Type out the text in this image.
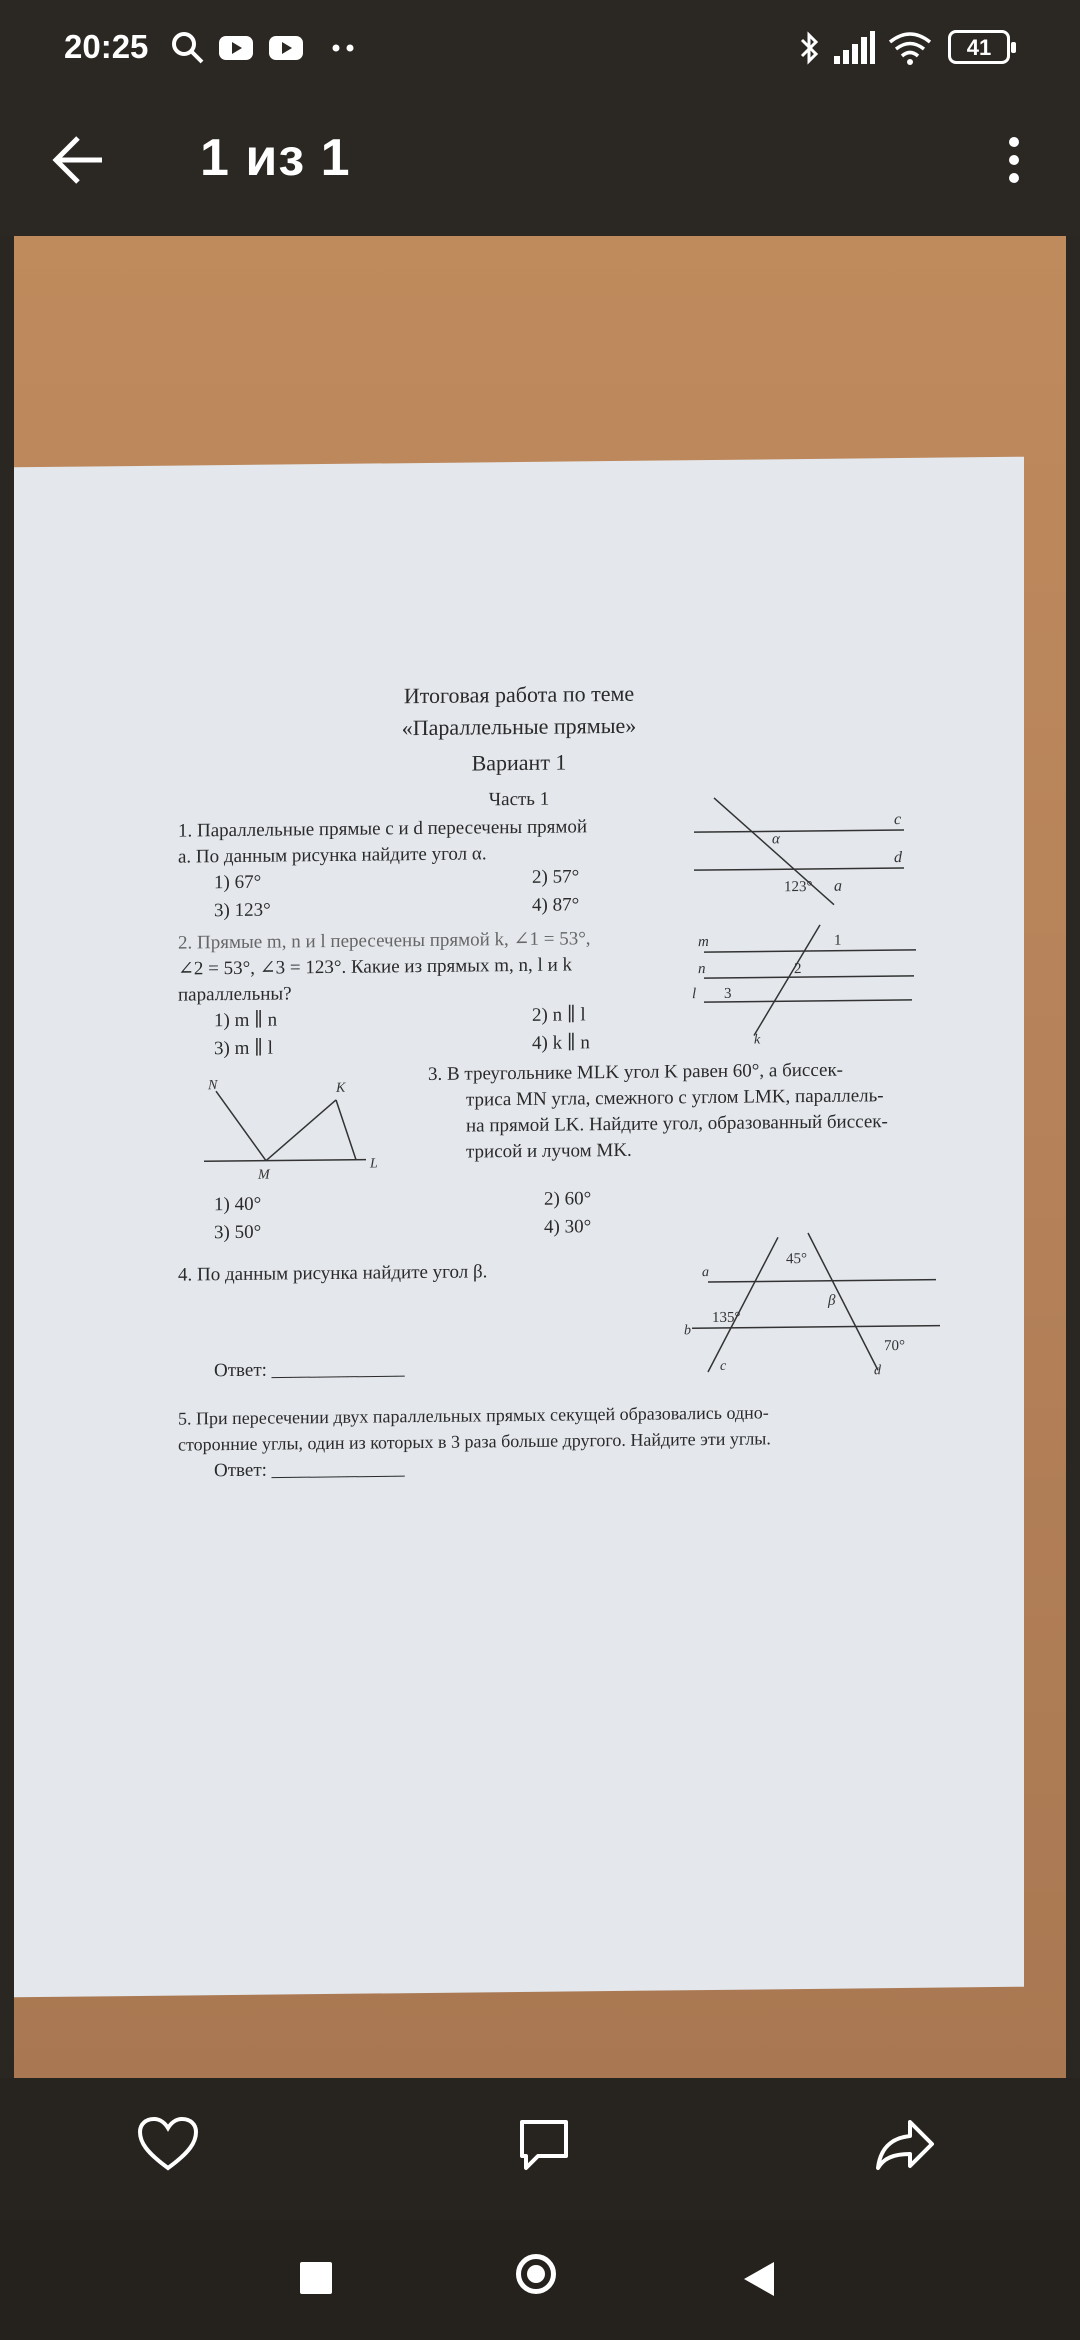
20:25	41
1 из 1
Итоговая работа по теме
«Параллельные прямые»
Вариант 1
Часть 1
1. Параллельные прямые c и d пересечены прямой
a. По данным рисунка найдите угол α.
1) 67°	2) 57°
3) 123°	4) 87°
c
d
a
α
123°
2. Прямые m, n и l пересечены прямой k, ∠1 = 53°,
∠2 = 53°, ∠3 = 123°. Какие из прямых m, n, l и k
параллельны?
1) m ∥ n	2) n ∥ l
3) m ∥ l	4) k ∥ n
m
n
l
k
1
2
3
3. В треугольнике MLK угол K равен 60°, а биссек-
триса MN угла, смежного с углом LMK, параллель-
на прямой LK. Найдите угол, образованный биссек-
трисой и лучом MK.
N	K
M
L
1) 40°	2) 60°
3) 50°	4) 30°
4. По данным рисунка найдите угол β.	a
b
c	d
45°
135°
70°
β
Ответ: ______________
5. При пересечении двух параллельных прямых секущей образовались одно-
сторонние углы, один из которых в 3 раза больше другого. Найдите эти углы.
Ответ: ______________
